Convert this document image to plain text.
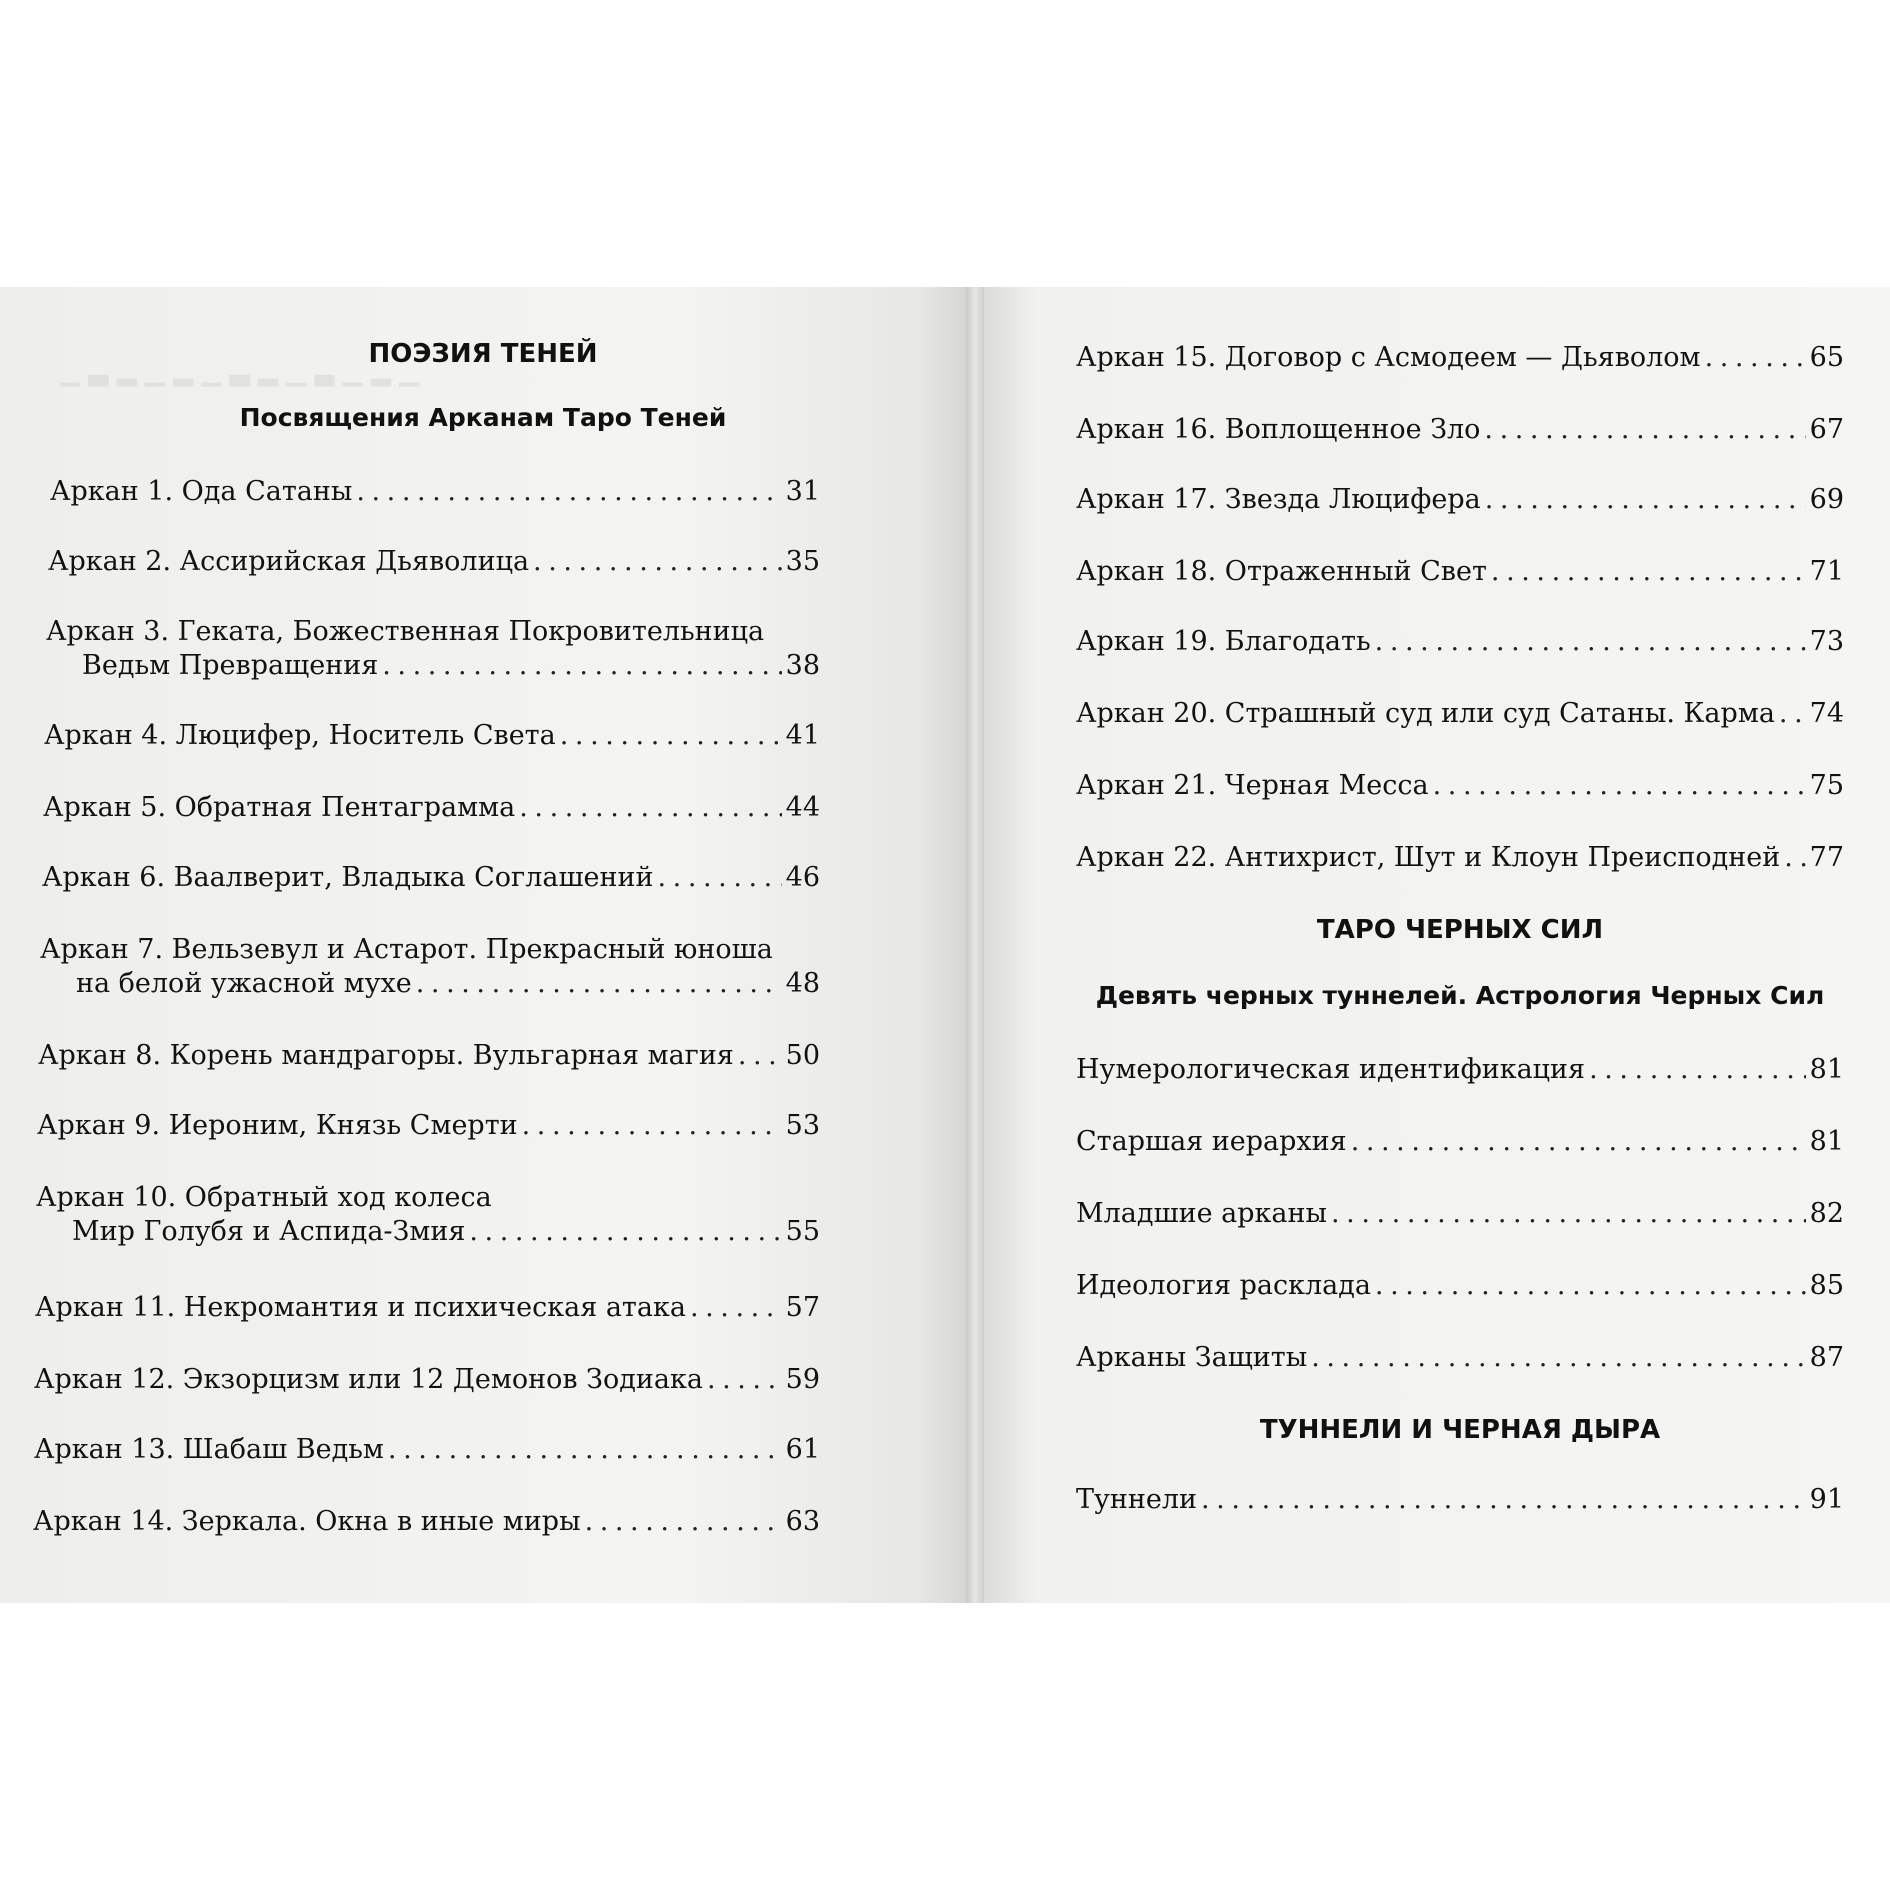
▁ ▂ ▁ ▃ ▁ ▂ ▃ ▁ ▂ ▁ ▂ ▃ ▁
ПОЭЗИЯ ТЕНЕЙ
Посвящения Арканам Таро Теней
Аркан 1. Ода Сатаны . . .	31
Аркан 2. Ассирийская Дьяволица . . .	35
Аркан 3. Геката, Божественная Покровительница
Ведьм Превращения . . .	38
Аркан 4. Люцифер, Носитель Света . . .	41
Аркан 5. Обратная Пентаграмма . . .	44
Аркан 6. Ваалверит, Владыка Соглашений . . .	46
Аркан 7. Вельзевул и Астарот. Прекрасный юноша
на белой ужасной мухе . . .	48
Аркан 8. Корень мандрагоры. Вульгарная магия . . . 50
Аркан 9. Иероним, Князь Смерти . . .	53
Аркан 10. Обратный ход колеса
Мир Голубя и Аспида-Змия . . .	55
Аркан 11. Некромантия и психическая атака . . .	57
Аркан 12. Экзорцизм или 12 Демонов Зодиака . . .	59
Аркан 13. Шабаш Ведьм . . .	61
Аркан 14. Зеркала. Окна в иные миры . . .	63
Аркан 15. Договор с Асмодеем — Дьяволом . . .	65
Аркан 16. Воплощенное Зло . . .	67
Аркан 17. Звезда Люцифера . . .	69
Аркан 18. Отраженный Свет . . .	71
Аркан 19. Благодать . . .	73
Аркан 20. Страшный суд или суд Сатаны. Карма . . . 74
Аркан 21. Черная Месса . . .	75
Аркан 22. Антихрист, Шут и Клоун Преисподней . . . 77
ТАРО ЧЕРНЫХ СИЛ
Девять черных туннелей. Астрология Черных Сил
Нумерологическая идентификация . . .	81
Старшая иерархия . . .	81
Младшие арканы . . .	82
Идеология расклада . . .	85
Арканы Защиты . . .	87
ТУННЕЛИ И ЧЕРНАЯ ДЫРА
Туннели . . .	91
